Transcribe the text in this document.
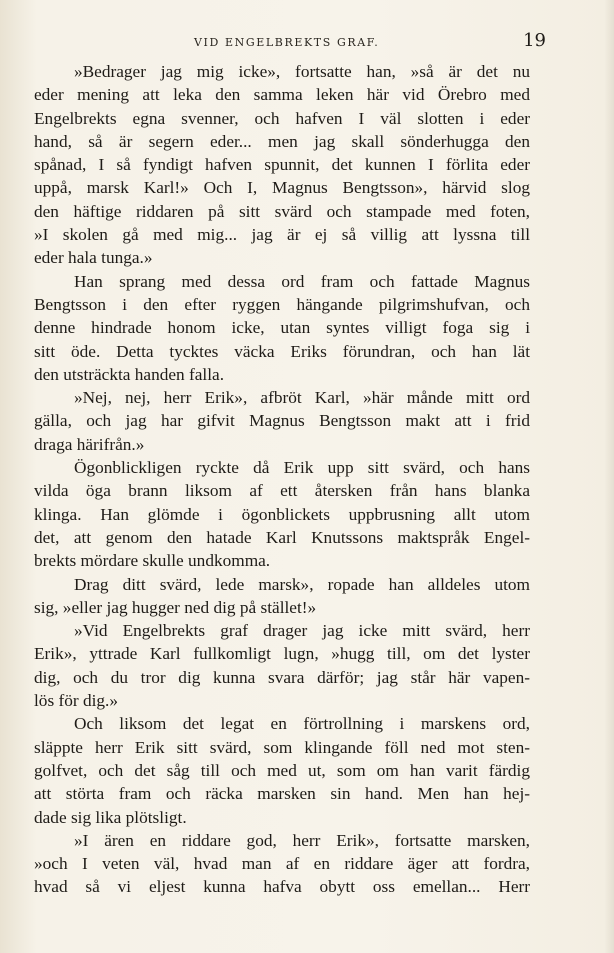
VID ENGELBREKTS GRAF.	19
»Bedrager jag mig icke», fortsatte han, »så är det nu
eder mening att leka den samma leken här vid Örebro med
Engelbrekts egna svenner, och hafven I väl slotten i eder
hand, så är segern eder... men jag skall sönderhugga den
spånad, I så fyndigt hafven spunnit, det kunnen I förlita eder
uppå, marsk Karl!» Och I, Magnus Bengtsson», härvid slog
den häftige riddaren på sitt svärd och stampade med foten,
»I skolen gå med mig... jag är ej så villig att lyssna till
eder hala tunga.»
Han sprang med dessa ord fram och fattade Magnus
Bengtsson i den efter ryggen hängande pilgrimshufvan, och
denne hindrade honom icke, utan syntes villigt foga sig i
sitt öde. Detta tycktes väcka Eriks förundran, och han lät
den utsträckta handen falla.
»Nej, nej, herr Erik», afbröt Karl, »här månde mitt ord
gälla, och jag har gifvit Magnus Bengtsson makt att i frid
draga härifrån.»
Ögonblickligen ryckte då Erik upp sitt svärd, och hans
vilda öga brann liksom af ett återsken från hans blanka
klinga. Han glömde i ögonblickets uppbrusning allt utom
det, att genom den hatade Karl Knutssons maktspråk Engel-
brekts mördare skulle undkomma.
Drag ditt svärd, lede marsk», ropade han alldeles utom
sig, »eller jag hugger ned dig på stället!»
»Vid Engelbrekts graf drager jag icke mitt svärd, herr
Erik», yttrade Karl fullkomligt lugn, »hugg till, om det lyster
dig, och du tror dig kunna svara därför; jag står här vapen-
lös för dig.»
Och liksom det legat en förtrollning i marskens ord,
släppte herr Erik sitt svärd, som klingande föll ned mot sten-
golfvet, och det såg till och med ut, som om han varit färdig
att störta fram och räcka marsken sin hand. Men han hej-
dade sig lika plötsligt.
»I ären en riddare god, herr Erik», fortsatte marsken,
»och I veten väl, hvad man af en riddare äger att fordra,
hvad så vi eljest kunna hafva obytt oss emellan... Herr
